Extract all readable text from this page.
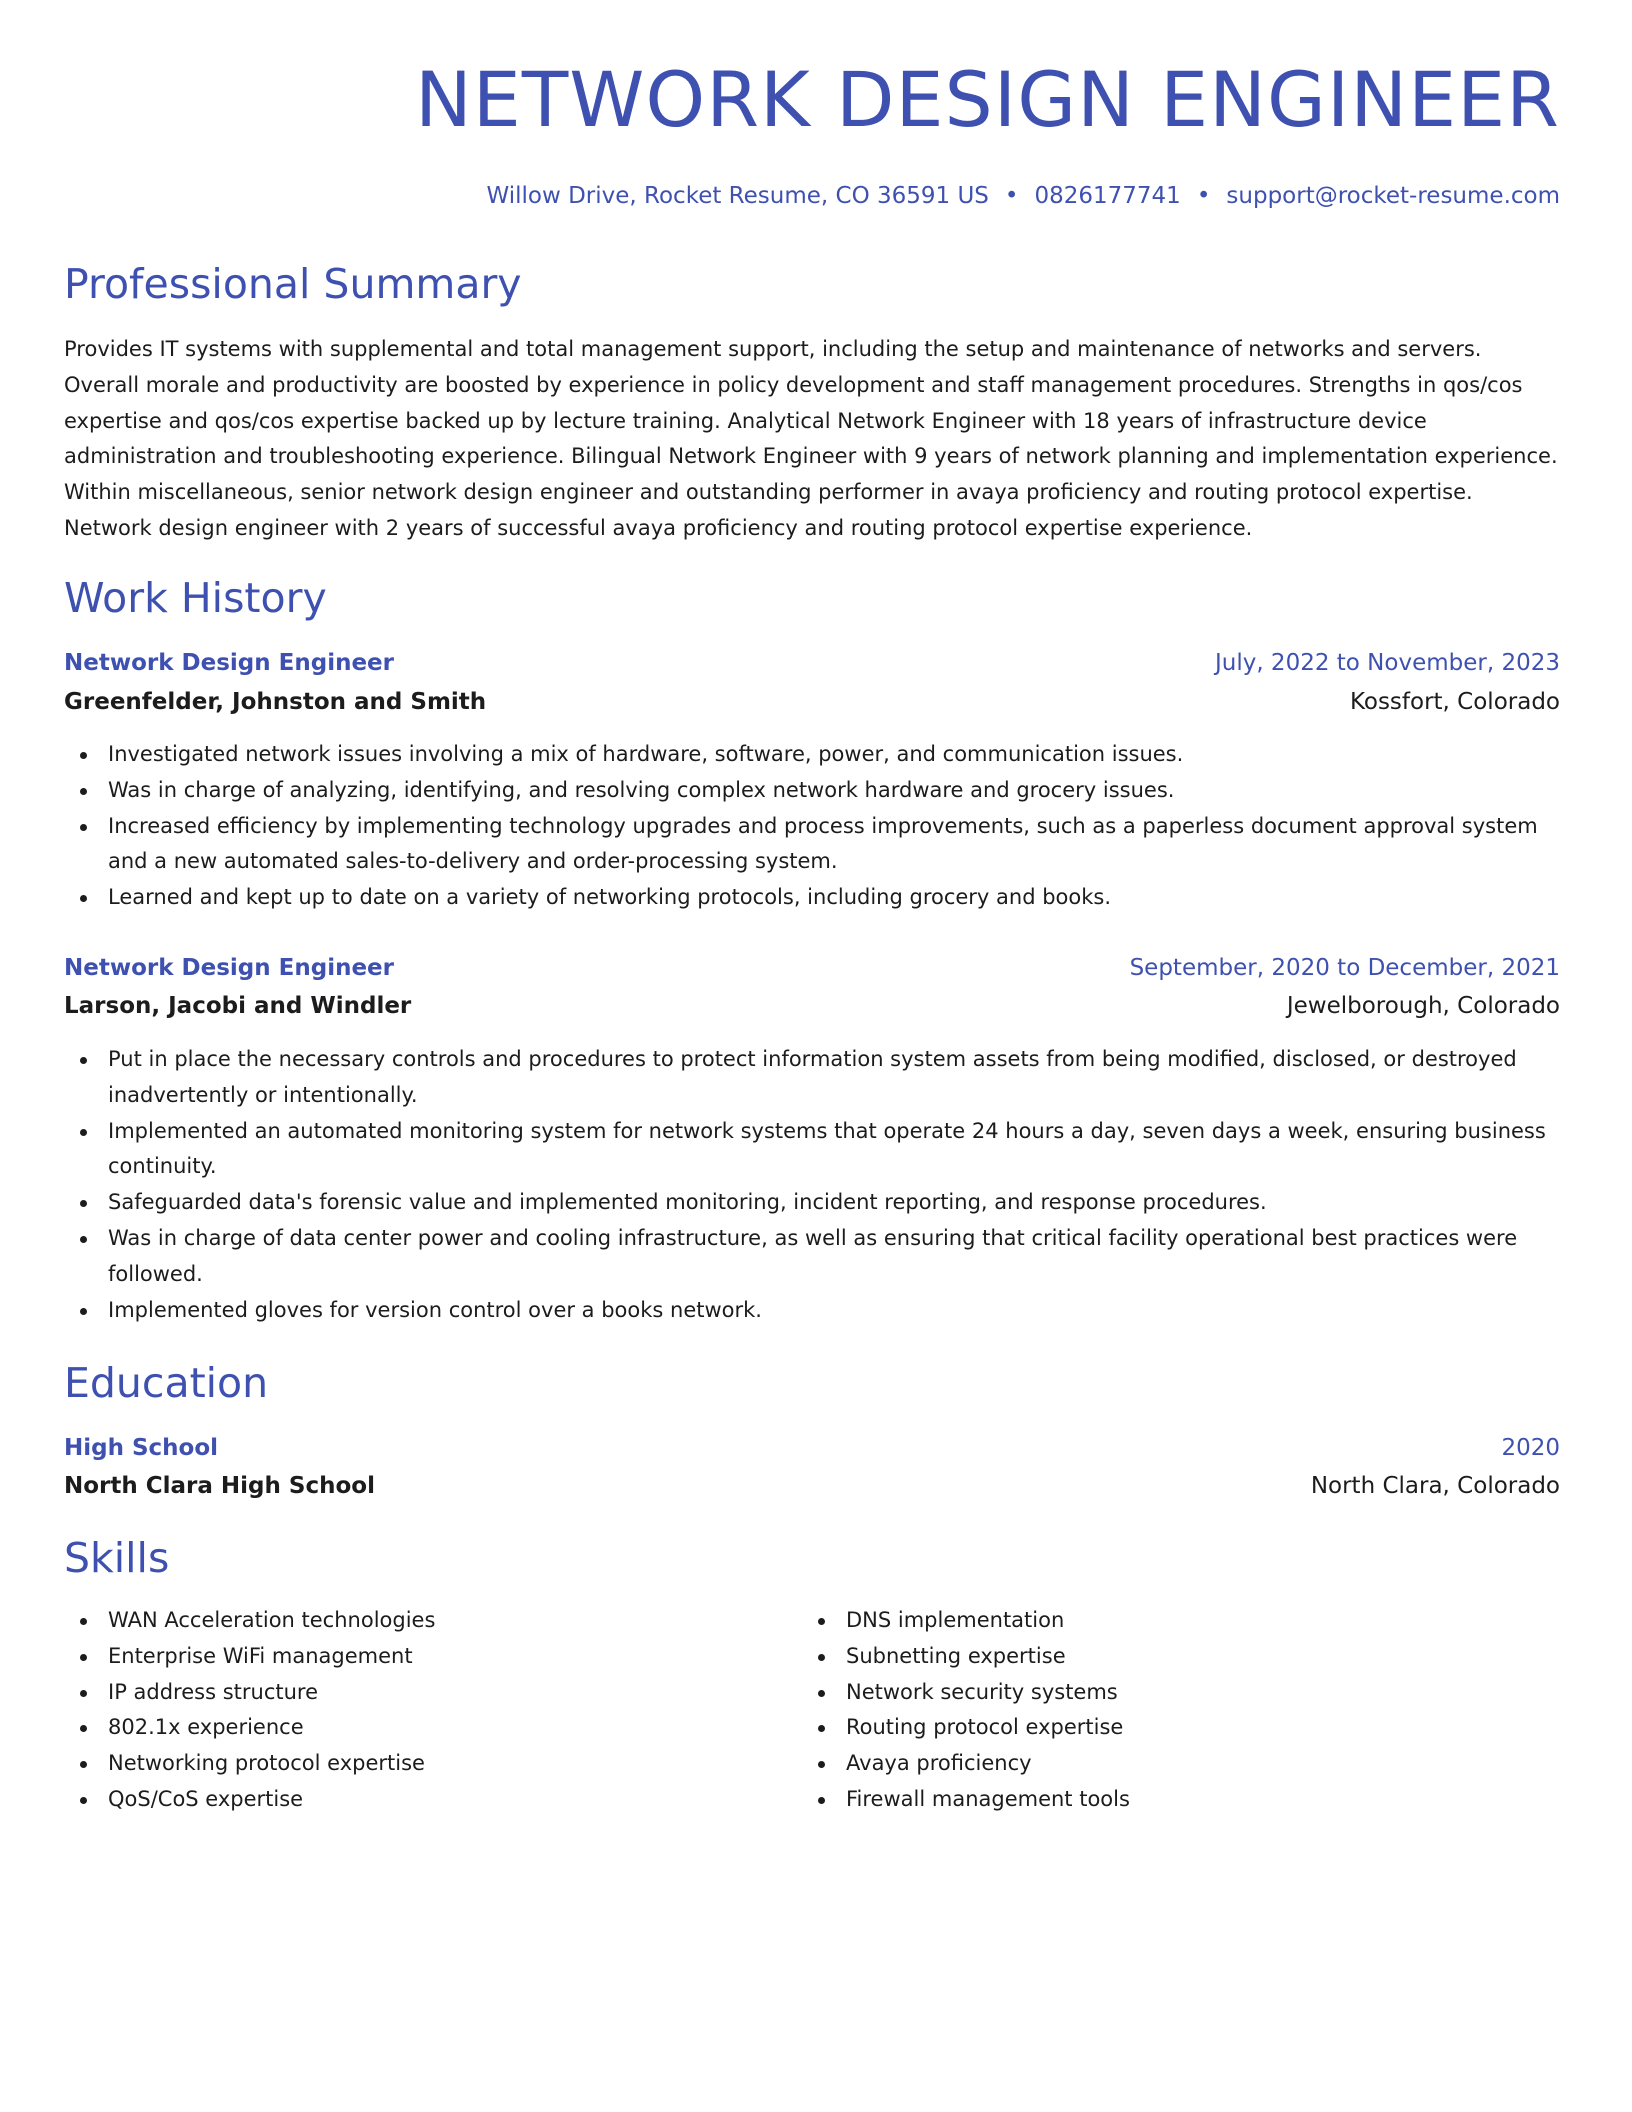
NETWORK DESIGN ENGINEER
Willow Drive, Rocket Resume, CO 36591 US • 0826177741 • support@rocket-resume.com
Professional Summary

Provides IT systems with supplemental and total management support, including the setup and maintenance of networks and servers. Overall morale and productivity are boosted by experience in policy development and staff management procedures. Strengths in qos/cos expertise and qos/cos expertise backed up by lecture training. Analytical Network Engineer with 18 years of infrastructure device administration and troubleshooting experience. Bilingual Network Engineer with 9 years of network planning and implementation experience. Within miscellaneous, senior network design engineer and outstanding performer in avaya proficiency and routing protocol expertise. Network design engineer with 2 years of successful avaya proficiency and routing protocol expertise experience.

Work History
Network Design Engineer	July, 2022 to November, 2023
Greenfelder, Johnston and Smith	Kossfort, Colorado
Investigated network issues involving a mix of hardware, software, power, and communication issues.
Was in charge of analyzing, identifying, and resolving complex network hardware and grocery issues.
Increased efficiency by implementing technology upgrades and process improvements, such as a paperless document approval system and a new automated sales-to-delivery and order-processing system.
Learned and kept up to date on a variety of networking protocols, including grocery and books.
Network Design Engineer	September, 2020 to December, 2021
Larson, Jacobi and Windler	Jewelborough, Colorado
Put in place the necessary controls and procedures to protect information system assets from being modified, disclosed, or destroyed inadvertently or intentionally.
Implemented an automated monitoring system for network systems that operate 24 hours a day, seven days a week, ensuring business continuity.
Safeguarded data's forensic value and implemented monitoring, incident reporting, and response procedures.
Was in charge of data center power and cooling infrastructure, as well as ensuring that critical facility operational best practices were followed.
Implemented gloves for version control over a books network.
Education
High School	2020
North Clara High School	North Clara, Colorado
Skills
WAN Acceleration technologies
Enterprise WiFi management
IP address structure
802.1x experience
Networking protocol expertise
QoS/CoS expertise
DNS implementation
Subnetting expertise
Network security systems
Routing protocol expertise
Avaya proficiency
Firewall management tools
